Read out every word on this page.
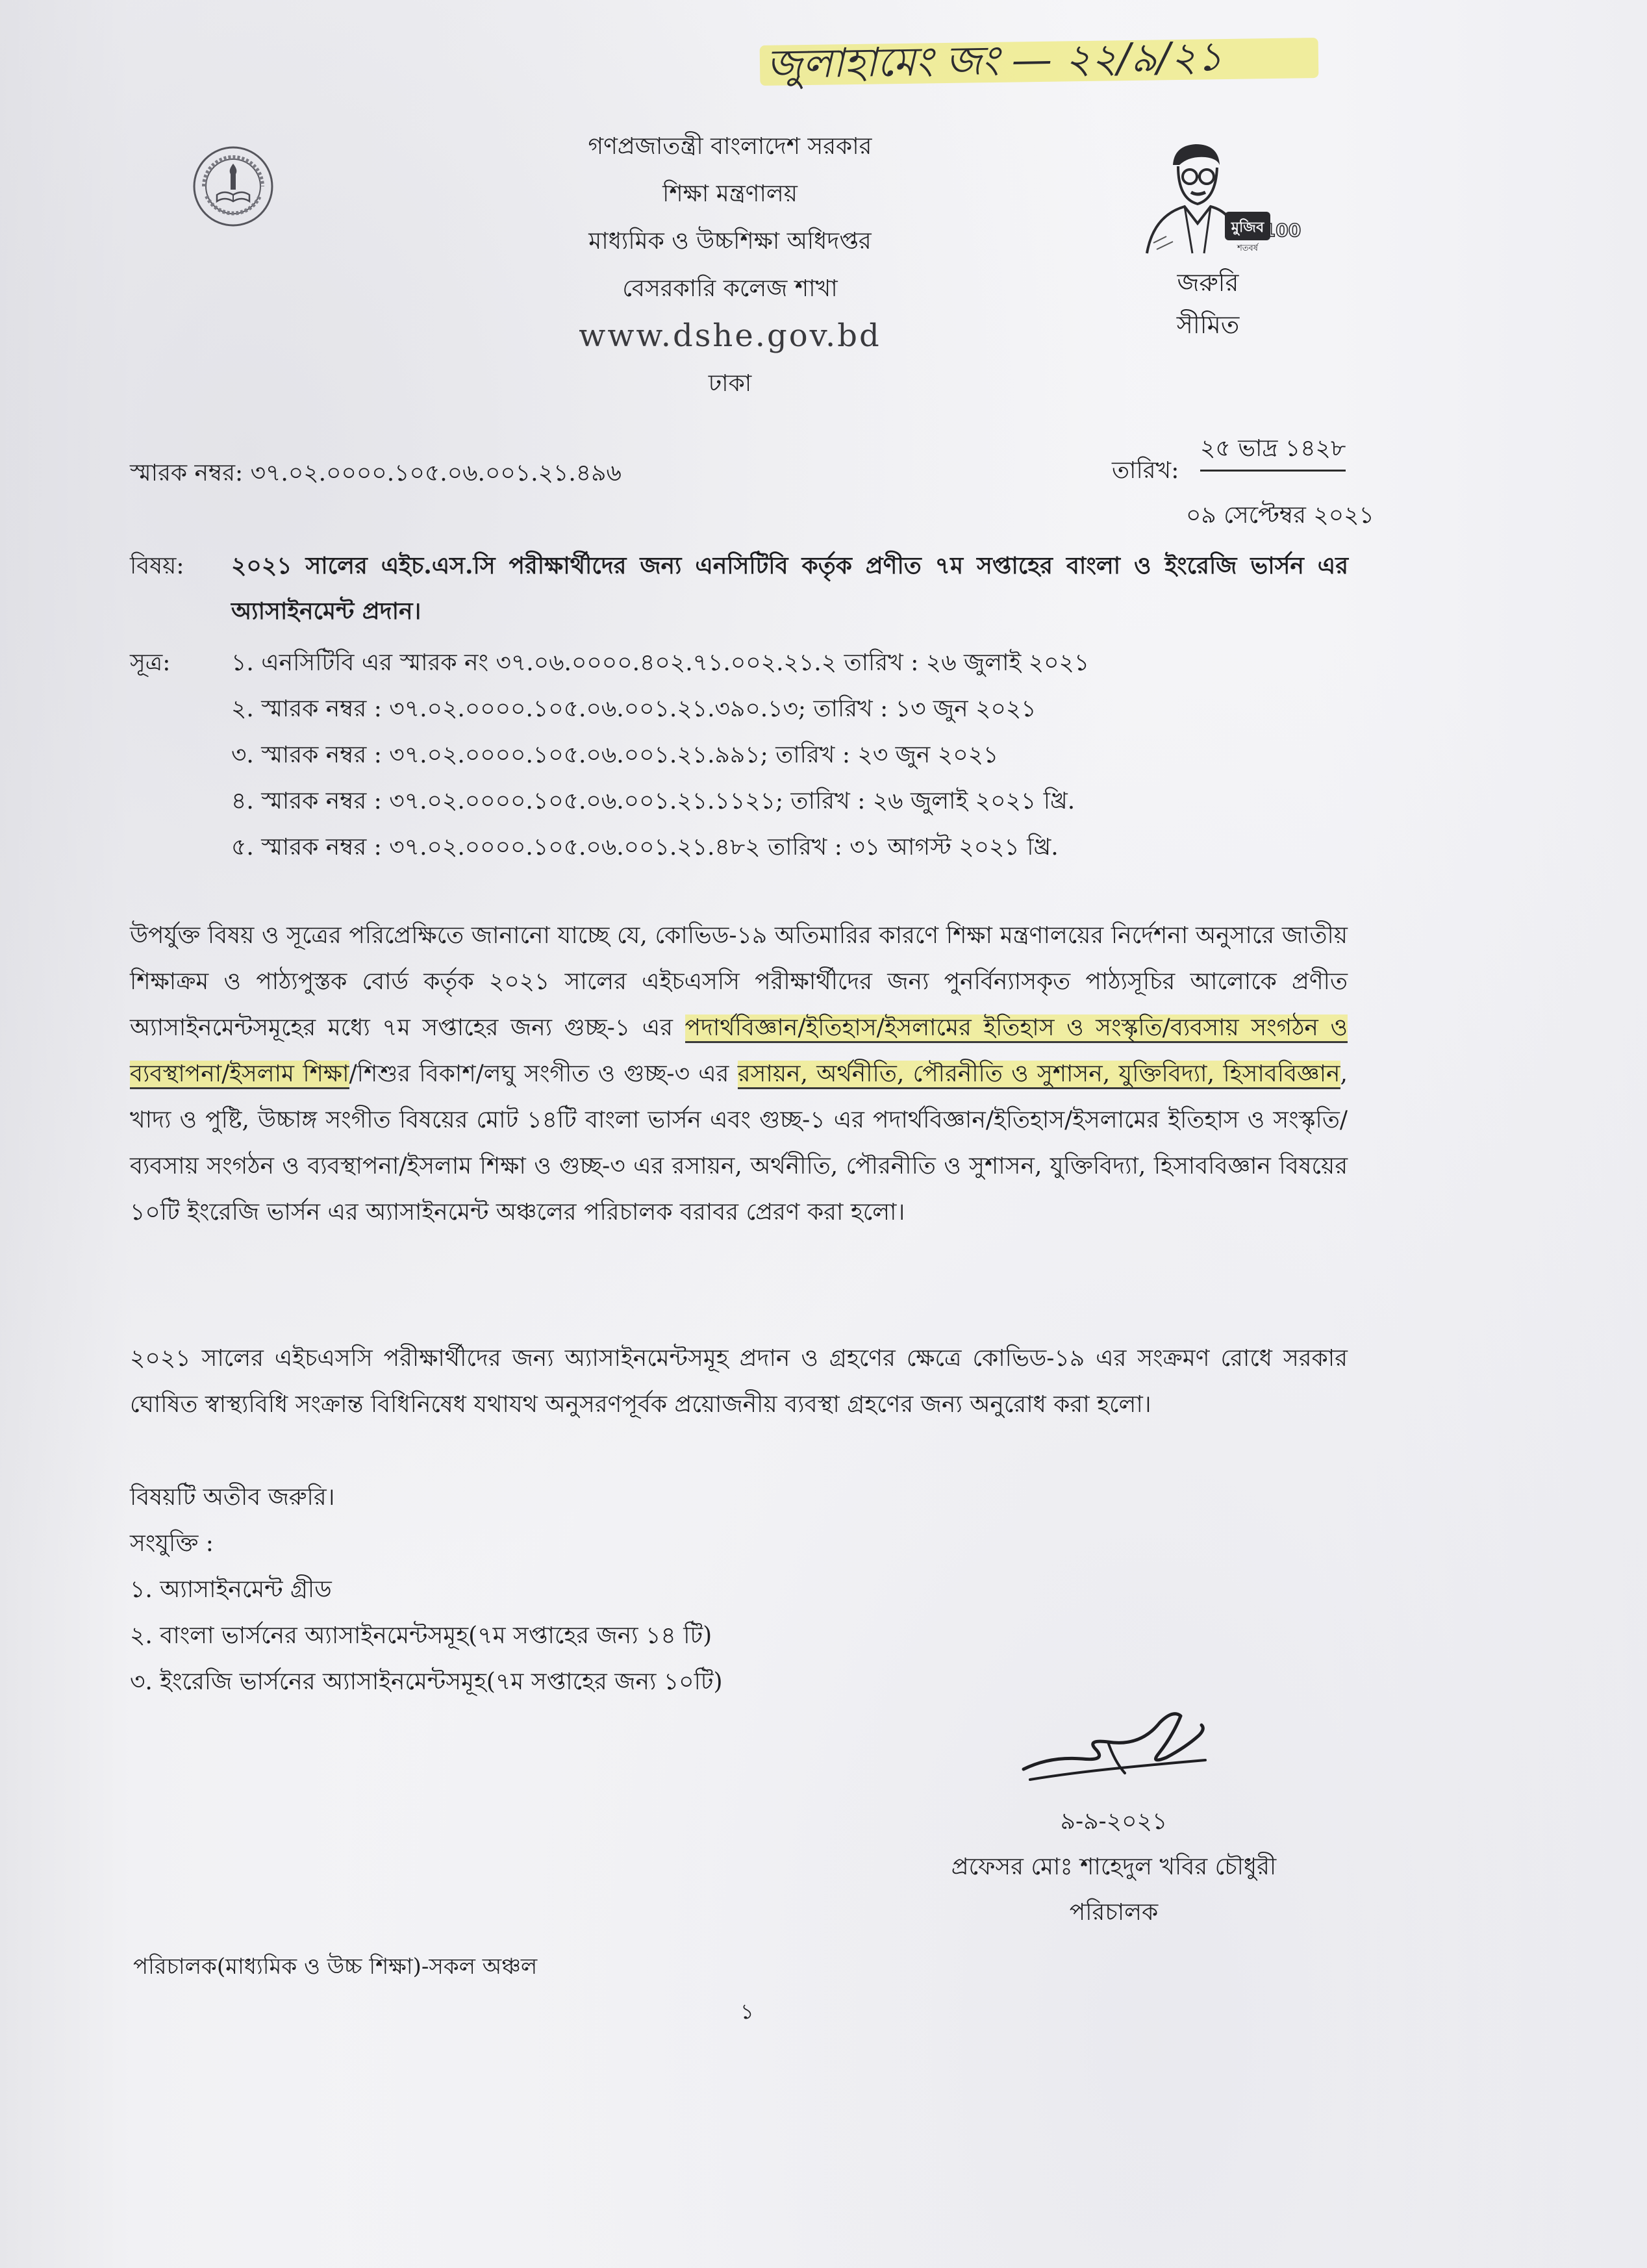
জুলাহামেং জং — ২২/৯/২১
গণপ্রজাতন্ত্রী বাংলাদেশ সরকার
শিক্ষা মন্ত্রণালয়
মাধ্যমিক ও উচ্চশিক্ষা অধিদপ্তর
বেসরকারি কলেজ শাখা
www.dshe.gov.bd
ঢাকা
মুজিব
100
শতবর্ষ
জরুরি
সীমিত
স্মারক নম্বর: ৩৭.০২.০০০০.১০৫.০৬.০০১.২১.৪৯৬	তারিখ:
২৫ ভাদ্র ১৪২৮
০৯ সেপ্টেম্বর ২০২১
বিষয়: ২০২১ সালের এইচ.এস.সি পরীক্ষার্থীদের জন্য এনসিটিবি কর্তৃক প্রণীত ৭ম সপ্তাহের বাংলা ও ইংরেজি ভার্সন এর অ্যাসাইনমেন্ট প্রদান।
সূত্র:	১. এনসিটিবি এর স্মারক নং ৩৭.০৬.০০০০.৪০২.৭১.০০২.২১.২ তারিখ : ২৬ জুলাই ২০২১
২. স্মারক নম্বর : ৩৭.০২.০০০০.১০৫.০৬.০০১.২১.৩৯০.১৩; তারিখ : ১৩ জুন ২০২১
৩. স্মারক নম্বর : ৩৭.০২.০০০০.১০৫.০৬.০০১.২১.৯৯১; তারিখ : ২৩ জুন ২০২১
৪. স্মারক নম্বর : ৩৭.০২.০০০০.১০৫.০৬.০০১.২১.১১২১; তারিখ : ২৬ জুলাই ২০২১ খ্রি.
৫. স্মারক নম্বর : ৩৭.০২.০০০০.১০৫.০৬.০০১.২১.৪৮২ তারিখ : ৩১ আগস্ট ২০২১ খ্রি.
উপর্যুক্ত বিষয় ও সূত্রের পরিপ্রেক্ষিতে জানানো যাচ্ছে যে, কোভিড-১৯ অতিমারির কারণে শিক্ষা মন্ত্রণালয়ের নির্দেশনা অনুসারে জাতীয় শিক্ষাক্রম ও পাঠ্যপুস্তক বোর্ড কর্তৃক ২০২১ সালের এইচএসসি পরীক্ষার্থীদের জন্য পুনর্বিন্যাসকৃত পাঠ্যসূচির আলোকে প্রণীত অ্যাসাইনমেন্টসমূহের মধ্যে ৭ম সপ্তাহের জন্য গুচ্ছ-১ এর পদার্থবিজ্ঞান/ইতিহাস/ইসলামের ইতিহাস ও সংস্কৃতি/ব্যবসায় সংগঠন ও ব্যবস্থাপনা/ইসলাম শিক্ষা/শিশুর বিকাশ/লঘু সংগীত ও গুচ্ছ-৩ এর রসায়ন, অর্থনীতি, পৌরনীতি ও সুশাসন, যুক্তিবিদ্যা, হিসাববিজ্ঞান, খাদ্য ও পুষ্টি, উচ্চাঙ্গ সংগীত বিষয়ের মোট ১৪টি বাংলা ভার্সন এবং গুচ্ছ-১ এর পদার্থবিজ্ঞান/ইতিহাস/ইসলামের ইতিহাস ও সংস্কৃতি/ব্যবসায় সংগঠন ও ব্যবস্থাপনা/ইসলাম শিক্ষা ও গুচ্ছ-৩ এর রসায়ন, অর্থনীতি, পৌরনীতি ও সুশাসন, যুক্তিবিদ্যা, হিসাববিজ্ঞান বিষয়ের ১০টি ইংরেজি ভার্সন এর অ্যাসাইনমেন্ট অঞ্চলের পরিচালক বরাবর প্রেরণ করা হলো।
২০২১ সালের এইচএসসি পরীক্ষার্থীদের জন্য অ্যাসাইনমেন্টসমূহ প্রদান ও গ্রহণের ক্ষেত্রে কোভিড-১৯ এর সংক্রমণ রোধে সরকার ঘোষিত স্বাস্থ্যবিধি সংক্রান্ত বিধিনিষেধ যথাযথ অনুসরণপূর্বক প্রয়োজনীয় ব্যবস্থা গ্রহণের জন্য অনুরোধ করা হলো।
বিষয়টি অতীব জরুরি।
সংযুক্তি :
১. অ্যাসাইনমেন্ট গ্রীড
২. বাংলা ভার্সনের অ্যাসাইনমেন্টসমূহ(৭ম সপ্তাহের জন্য ১৪ টি)
৩. ইংরেজি ভার্সনের অ্যাসাইনমেন্টসমূহ(৭ম সপ্তাহের জন্য ১০টি)
৯-৯-২০২১
প্রফেসর মোঃ শাহেদুল খবির চৌধুরী
পরিচালক
পরিচালক(মাধ্যমিক ও উচ্চ শিক্ষা)-সকল অঞ্চল
১
